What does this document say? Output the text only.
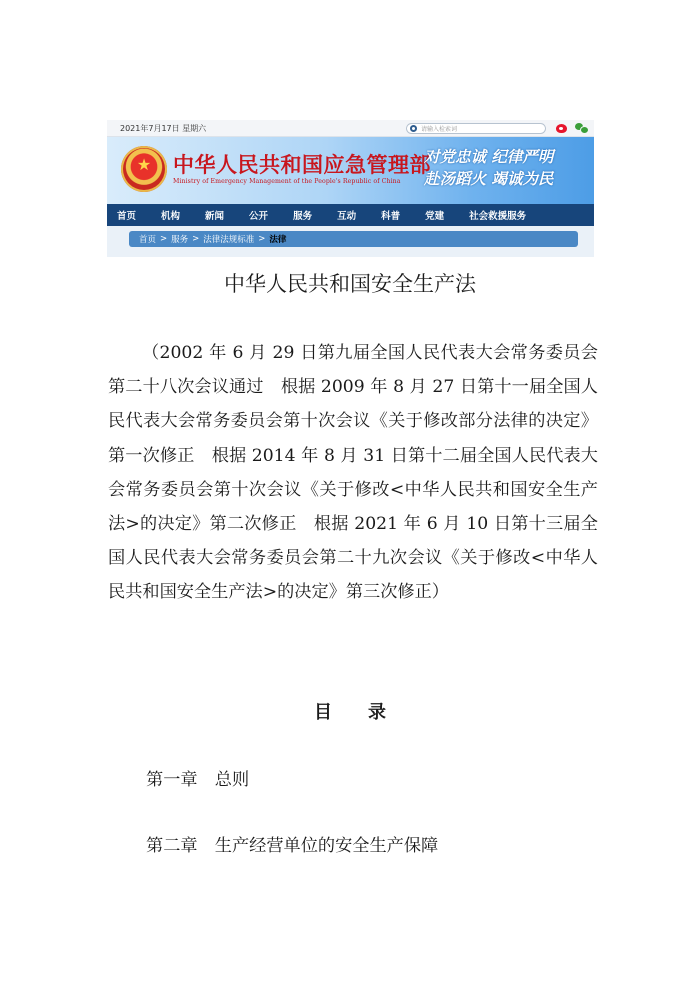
2021年7月17日 星期六	请输入检索词
★
中华人民共和国应急管理部
Ministry of Emergency Management of the People's Republic of China
对党忠诚 纪律严明
赴汤蹈火 竭诚为民
首页	机构	新闻	公开	服务	互动	科普	党建	社会救援服务
首页 > 服务 > 法律法规标准 > 法律
中华人民共和国安全生产法

（2002 年 6 月 29 日第九届全国人民代表大会常务委员会第二十八次会议通过　根据 2009 年 8 月 27 日第十一届全国人民代表大会常务委员会第十次会议《关于修改部分法律的决定》第一次修正　根据 2014 年 8 月 31 日第十二届全国人民代表大会常务委员会第十次会议《关于修改<中华人民共和国安全生产法>的决定》第二次修正　根据 2021 年 6 月 10 日第十三届全国人民代表大会常务委员会第二十九次会议《关于修改<中华人民共和国安全生产法>的决定》第三次修正）

目　　录
第一章　总则
第二章　生产经营单位的安全生产保障
